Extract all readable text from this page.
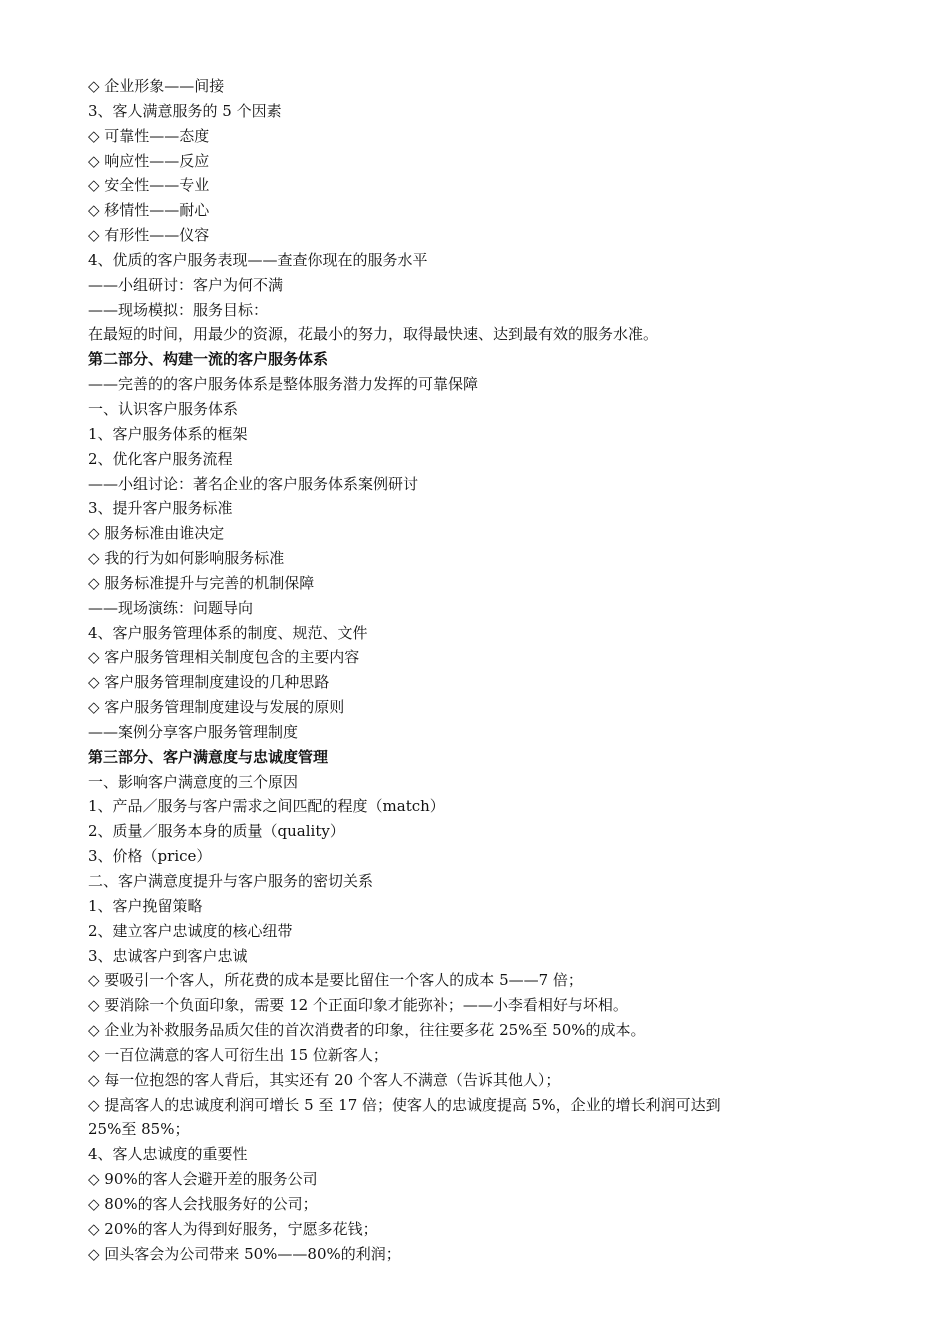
◇ 企业形象——间接

3、客人满意服务的 5 个因素

◇ 可靠性——态度

◇ 响应性——反应

◇ 安全性——专业

◇ 移情性——耐心

◇ 有形性——仪容

4、优质的客户服务表现——查查你现在的服务水平

——小组研讨：客户为何不满

——现场模拟：服务目标：

在最短的时间，用最少的资源，花最小的努力，取得最快速、达到最有效的服务水准。

第二部分、构建一流的客户服务体系

——完善的的客户服务体系是整体服务潜力发挥的可靠保障

一、认识客户服务体系

1、客户服务体系的框架

2、优化客户服务流程

——小组讨论：著名企业的客户服务体系案例研讨

3、提升客户服务标准

◇ 服务标准由谁决定

◇ 我的行为如何影响服务标准

◇ 服务标准提升与完善的机制保障

——现场演练：问题导向

4、客户服务管理体系的制度、规范、文件

◇ 客户服务管理相关制度包含的主要内容

◇ 客户服务管理制度建设的几种思路

◇ 客户服务管理制度建设与发展的原则

——案例分享客户服务管理制度

第三部分、客户满意度与忠诚度管理

一、影响客户满意度的三个原因

1、产品／服务与客户需求之间匹配的程度（match）

2、质量／服务本身的质量（quality）

3、价格（price）

二、客户满意度提升与客户服务的密切关系

1、客户挽留策略

2、建立客户忠诚度的核心纽带

3、忠诚客户到客户忠诚

◇ 要吸引一个客人，所花费的成本是要比留住一个客人的成本 5——7 倍；

◇ 要消除一个负面印象，需要 12 个正面印象才能弥补；——小李看相好与坏相。

◇ 企业为补救服务品质欠佳的首次消费者的印象，往往要多花 25%至 50%的成本。

◇ 一百位满意的客人可衍生出 15 位新客人；

◇ 每一位抱怨的客人背后，其实还有 20 个客人不满意（告诉其他人）；

◇ 提高客人的忠诚度利润可增长 5 至 17 倍；使客人的忠诚度提高 5%，企业的增长利润可达到

25%至 85%；

4、客人忠诚度的重要性

◇ 90%的客人会避开差的服务公司

◇ 80%的客人会找服务好的公司；

◇ 20%的客人为得到好服务，宁愿多花钱；

◇ 回头客会为公司带来 50%——80%的利润；
